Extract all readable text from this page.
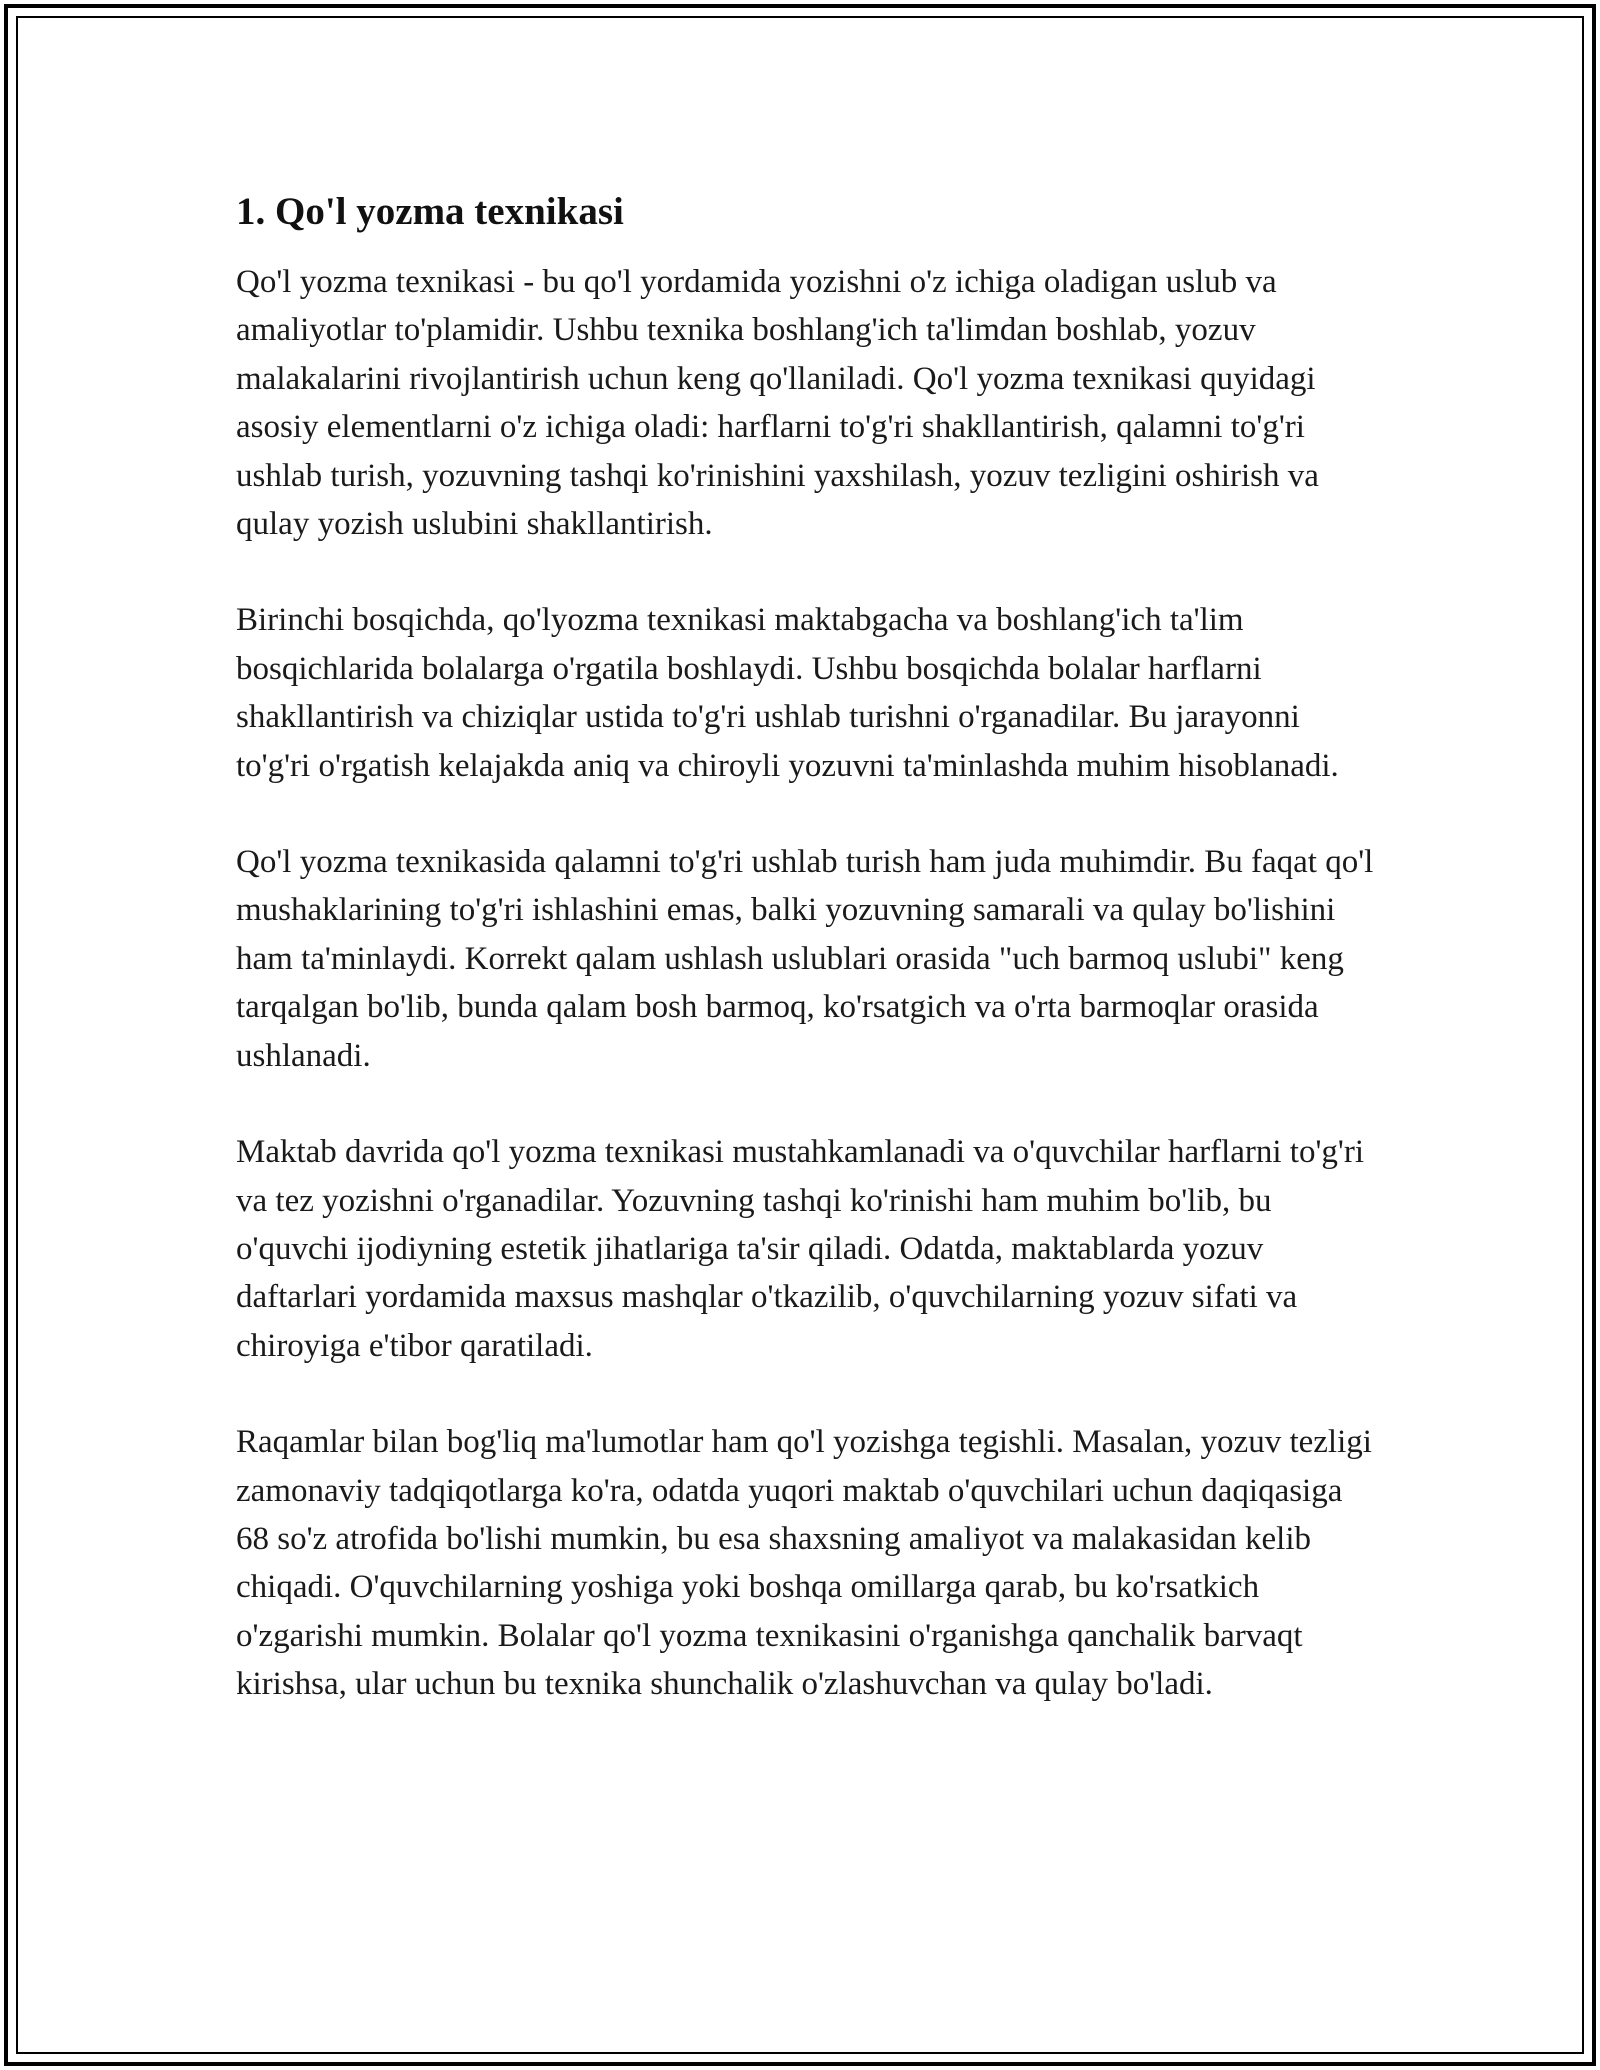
1. Qo'l yozma texnikasi

Qo'l yozma texnikasi - bu qo'l yordamida yozishni o'z ichiga oladigan uslub va amaliyotlar to'plamidir. Ushbu texnika boshlang'ich ta'limdan boshlab, yozuv malakalarini rivojlantirish uchun keng qo'llaniladi. Qo'l yozma texnikasi quyidagi asosiy elementlarni o'z ichiga oladi: harflarni to'g'ri shakllantirish, qalamni to'g'ri ushlab turish, yozuvning tashqi ko'rinishini yaxshilash, yozuv tezligini oshirish va qulay yozish uslubini shakllantirish.

Birinchi bosqichda, qo'lyozma texnikasi maktabgacha va boshlang'ich ta'lim bosqichlarida bolalarga o'rgatila boshlaydi. Ushbu bosqichda bolalar harflarni shakllantirish va chiziqlar ustida to'g'ri ushlab turishni o'rganadilar. Bu jarayonni to'g'ri o'rgatish kelajakda aniq va chiroyli yozuvni ta'minlashda muhim hisoblanadi.

Qo'l yozma texnikasida qalamni to'g'ri ushlab turish ham juda muhimdir. Bu faqat qo'l mushaklarining to'g'ri ishlashini emas, balki yozuvning samarali va qulay bo'lishini ham ta'minlaydi. Korrekt qalam ushlash uslublari orasida "uch barmoq uslubi" keng tarqalgan bo'lib, bunda qalam bosh barmoq, ko'rsatgich va o'rta barmoqlar orasida ushlanadi.

Maktab davrida qo'l yozma texnikasi mustahkamlanadi va o'quvchilar harflarni to'g'ri va tez yozishni o'rganadilar. Yozuvning tashqi ko'rinishi ham muhim bo'lib, bu o'quvchi ijodiyning estetik jihatlariga ta'sir qiladi. Odatda, maktablarda yozuv daftarlari yordamida maxsus mashqlar o'tkazilib, o'quvchilarning yozuv sifati va chiroyiga e'tibor qaratiladi.

Raqamlar bilan bog'liq ma'lumotlar ham qo'l yozishga tegishli. Masalan, yozuv tezligi zamonaviy tadqiqotlarga ko'ra, odatda yuqori maktab o'quvchilari uchun daqiqasiga 68 so'z atrofida bo'lishi mumkin, bu esa shaxsning amaliyot va malakasidan kelib chiqadi. O'quvchilarning yoshiga yoki boshqa omillarga qarab, bu ko'rsatkich o'zgarishi mumkin. Bolalar qo'l yozma texnikasini o'rganishga qanchalik barvaqt kirishsa, ular uchun bu texnika shunchalik o'zlashuvchan va qulay bo'ladi.
